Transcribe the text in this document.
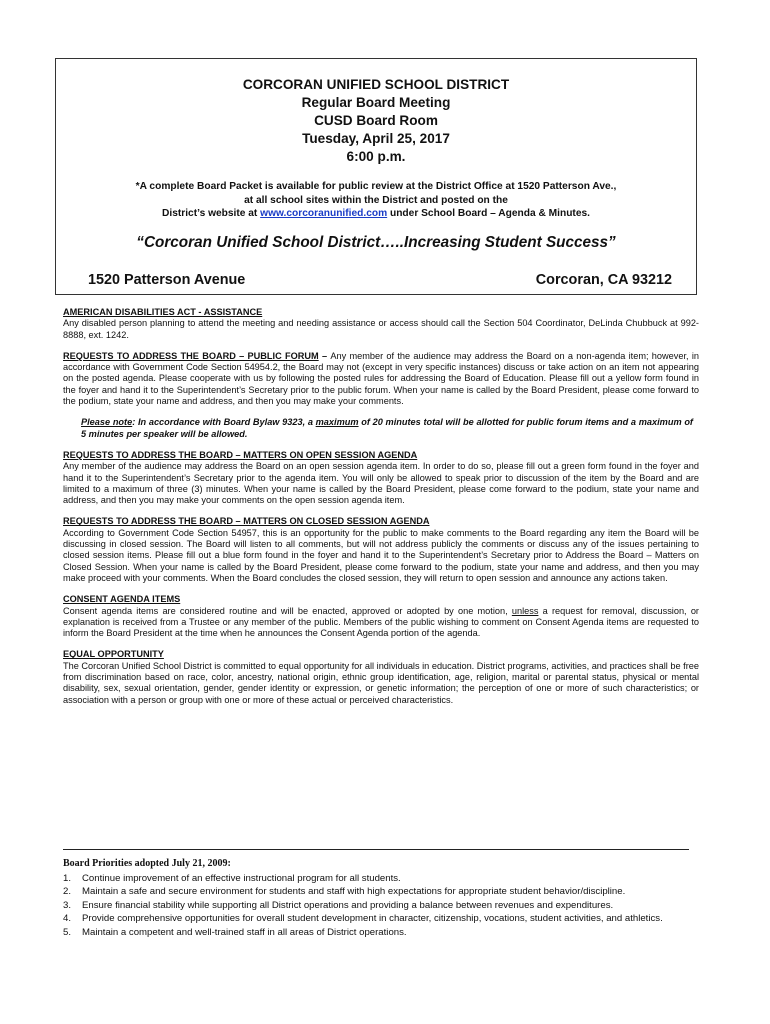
CORCORAN UNIFIED SCHOOL DISTRICT
Regular Board Meeting
CUSD Board Room
Tuesday, April 25, 2017
6:00 p.m.
*A complete Board Packet is available for public review at the District Office at 1520 Patterson Ave.,
at all school sites within the District and posted on the
District’s website at www.corcoranunified.com under School Board – Agenda & Minutes.
“Corcoran Unified School District…..Increasing Student Success”
1520 Patterson Avenue	Corcoran, CA 93212
AMERICAN DISABILITIES ACT - ASSISTANCE
Any disabled person planning to attend the meeting and needing assistance or access should call the Section 504 Coordinator, DeLinda Chubbuck at 992-8888, ext. 1242.
REQUESTS TO ADDRESS THE BOARD – PUBLIC FORUM – Any member of the audience may address the Board on a non-agenda item; however, in accordance with Government Code Section 54954.2, the Board may not (except in very specific instances) discuss or take action on an item not appearing on the posted agenda. Please cooperate with us by following the posted rules for addressing the Board of Education. Please fill out a yellow form found in the foyer and hand it to the Superintendent’s Secretary prior to the public forum. When your name is called by the Board President, please come forward to the podium, state your name and address, and then you may make your comments.
Please note: In accordance with Board Bylaw 9323, a maximum of 20 minutes total will be allotted for public forum items and a maximum of 5 minutes per speaker will be allowed.
REQUESTS TO ADDRESS THE BOARD – MATTERS ON OPEN SESSION AGENDA
Any member of the audience may address the Board on an open session agenda item. In order to do so, please fill out a green form found in the foyer and hand it to the Superintendent’s Secretary prior to the agenda item. You will only be allowed to speak prior to discussion of the item by the Board and are limited to a maximum of three (3) minutes. When your name is called by the Board President, please come forward to the podium, state your name and address, and then you may make your comments on the open session agenda item.
REQUESTS TO ADDRESS THE BOARD – MATTERS ON CLOSED SESSION AGENDA
According to Government Code Section 54957, this is an opportunity for the public to make comments to the Board regarding any item the Board will be discussing in closed session. The Board will listen to all comments, but will not address publicly the comments or discuss any of the issues pertaining to closed session items. Please fill out a blue form found in the foyer and hand it to the Superintendent’s Secretary prior to Address the Board – Matters on Closed Session. When your name is called by the Board President, please come forward to the podium, state your name and address, and then you may make proceed with your comments. When the Board concludes the closed session, they will return to open session and announce any actions taken.
CONSENT AGENDA ITEMS
Consent agenda items are considered routine and will be enacted, approved or adopted by one motion, unless a request for removal, discussion, or explanation is received from a Trustee or any member of the public. Members of the public wishing to comment on Consent Agenda items are requested to inform the Board President at the time when he announces the Consent Agenda portion of the agenda.
EQUAL OPPORTUNITY
The Corcoran Unified School District is committed to equal opportunity for all individuals in education. District programs, activities, and practices shall be free from discrimination based on race, color, ancestry, national origin, ethnic group identification, age, religion, marital or parental status, physical or mental disability, sex, sexual orientation, gender, gender identity or expression, or genetic information; the perception of one or more of such characteristics; or association with a person or group with one or more of these actual or perceived characteristics.
Board Priorities adopted July 21, 2009:
1. Continue improvement of an effective instructional program for all students.
2. Maintain a safe and secure environment for students and staff with high expectations for appropriate student behavior/discipline.
3. Ensure financial stability while supporting all District operations and providing a balance between revenues and expenditures.
4. Provide comprehensive opportunities for overall student development in character, citizenship, vocations, student activities, and athletics.
5. Maintain a competent and well-trained staff in all areas of District operations.
